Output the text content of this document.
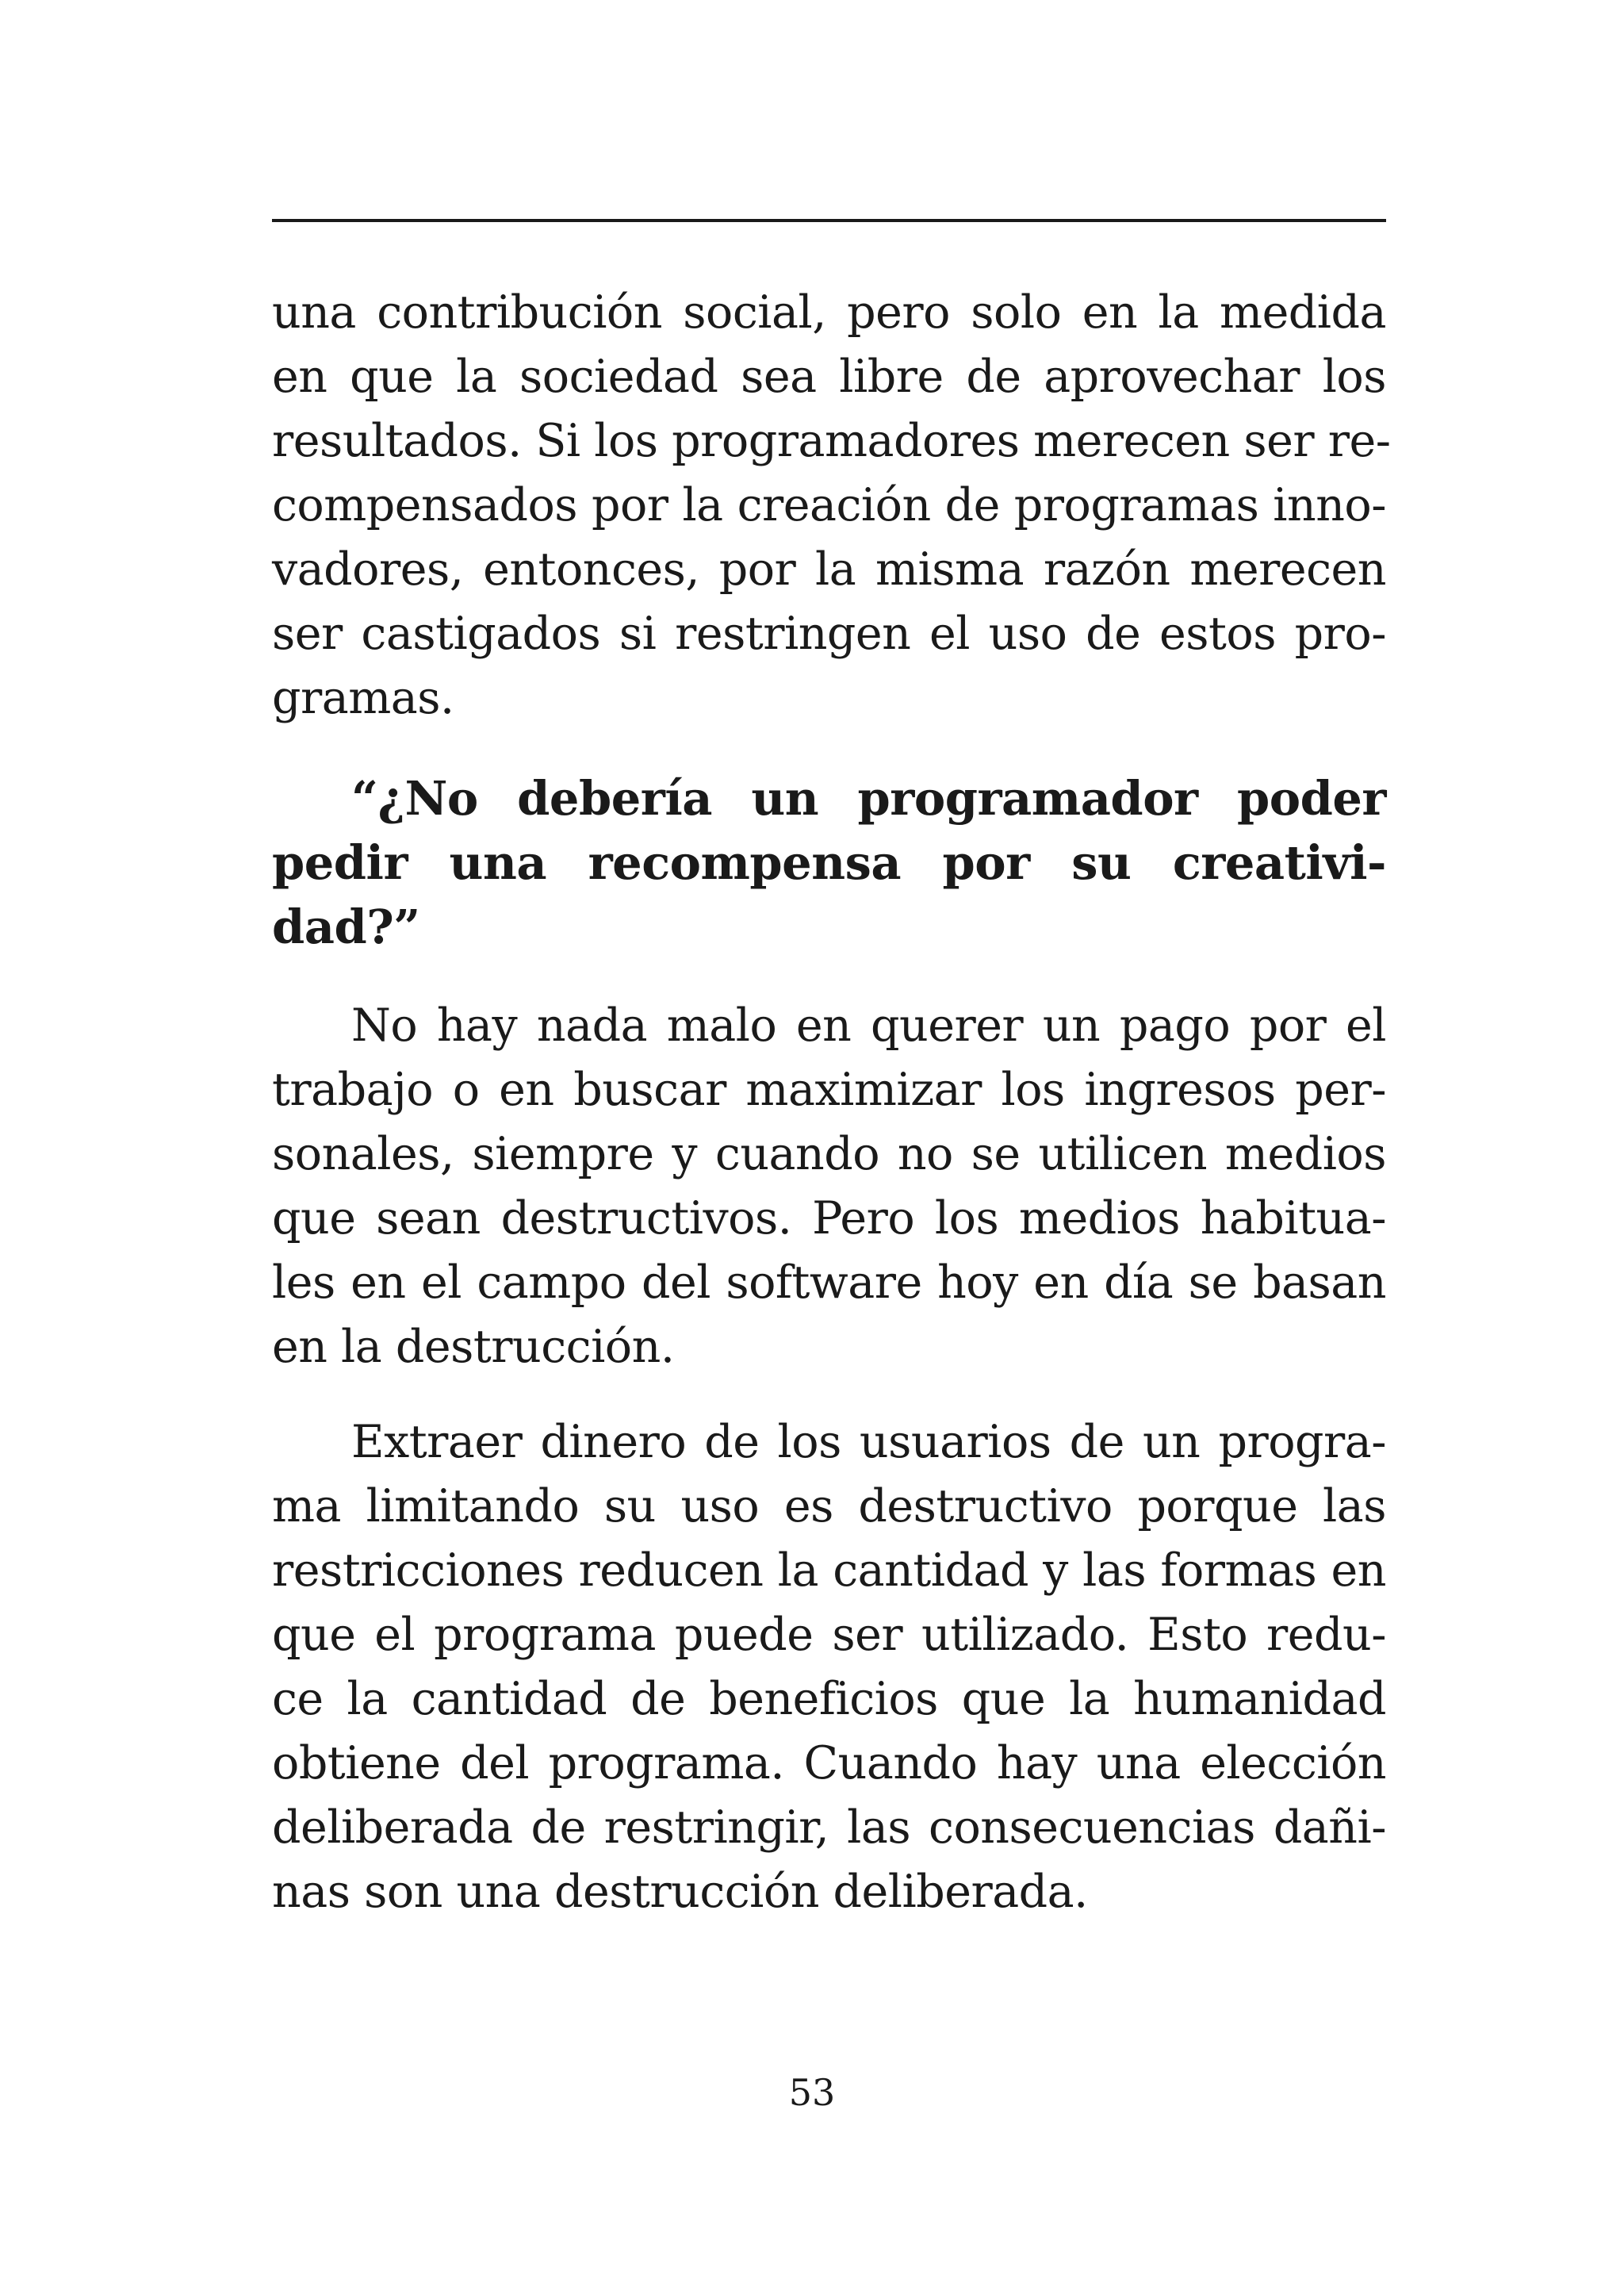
una contribución social, pero solo en la medida
en que la sociedad sea libre de aprovechar los
resultados. Si los programadores merecen ser re-
compensados por la creación de programas inno-
vadores, entonces, por la misma razón merecen
ser castigados si restringen el uso de estos pro-
gramas.
“¿No debería un programador poder
pedir una recompensa por su creativi-
dad?”
No hay nada malo en querer un pago por el
trabajo o en buscar maximizar los ingresos per-
sonales, siempre y cuando no se utilicen medios
que sean destructivos. Pero los medios habitua-
les en el campo del software hoy en día se basan
en la destrucción.
Extraer dinero de los usuarios de un progra-
ma limitando su uso es destructivo porque las
restricciones reducen la cantidad y las formas en
que el programa puede ser utilizado. Esto redu-
ce la cantidad de beneficios que la humanidad
obtiene del programa. Cuando hay una elección
deliberada de restringir, las consecuencias dañi-
nas son una destrucción deliberada.
53
